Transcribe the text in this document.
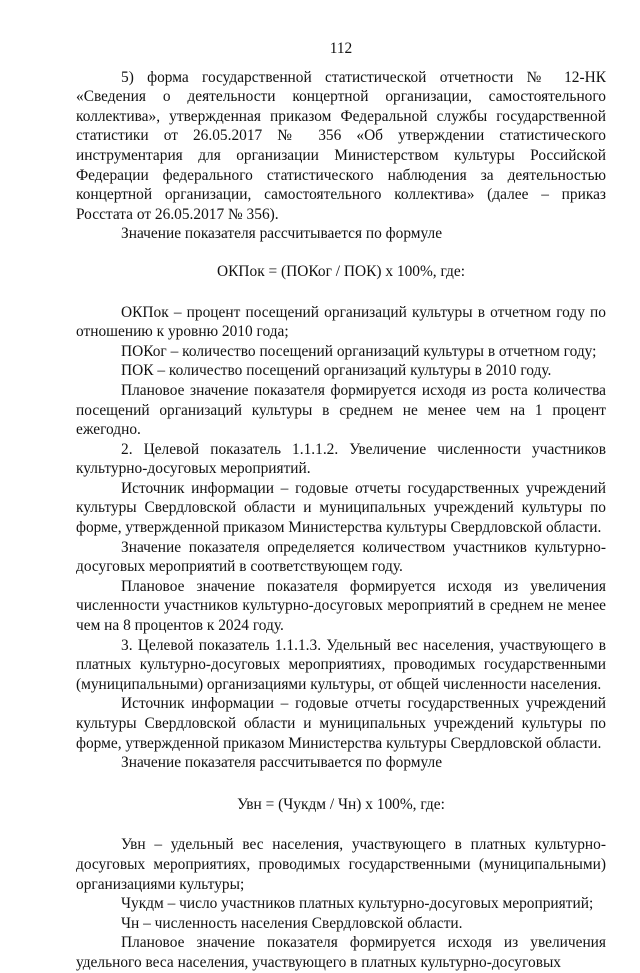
112

5) форма государственной статистической отчетности № 12-НК «Сведения о деятельности концертной организации, самостоятельного коллектива», утвержденная приказом Федеральной службы государственной статистики от 26.05.2017 № 356 «Об утверждении статистического инструментария для организации Министерством культуры Российской Федерации федерального статистического наблюдения за деятельностью концертной организации, самостоятельного коллектива» (далее – приказ Росстата от 26.05.2017 № 356).

Значение показателя рассчитывается по формуле

ОКПок = (ПОКог / ПОК) х 100%, где:

ОКПок – процент посещений организаций культуры в отчетном году по отношению к уровню 2010 года;

ПОКог – количество посещений организаций культуры в отчетном году;

ПОК – количество посещений организаций культуры в 2010 году.

Плановое значение показателя формируется исходя из роста количества посещений организаций культуры в среднем не менее чем на 1 процент ежегодно.

2. Целевой показатель 1.1.1.2. Увеличение численности участников культурно-досуговых мероприятий.

Источник информации – годовые отчеты государственных учреждений культуры Свердловской области и муниципальных учреждений культуры по форме, утвержденной приказом Министерства культуры Свердловской области.

Значение показателя определяется количеством участников культурно-досуговых мероприятий в соответствующем году.

Плановое значение показателя формируется исходя из увеличения численности участников культурно-досуговых мероприятий в среднем не менее чем на 8 процентов к 2024 году.

3. Целевой показатель 1.1.1.3. Удельный вес населения, участвующего в платных культурно-досуговых мероприятиях, проводимых государственными (муниципальными) организациями культуры, от общей численности населения.

Источник информации – годовые отчеты государственных учреждений культуры Свердловской области и муниципальных учреждений культуры по форме, утвержденной приказом Министерства культуры Свердловской области.

Значение показателя рассчитывается по формуле

Увн = (Чукдм / Чн) х 100%, где:

Увн – удельный вес населения, участвующего в платных культурно-досуговых мероприятиях, проводимых государственными (муниципальными) организациями культуры;

Чукдм – число участников платных культурно-досуговых мероприятий;

Чн – численность населения Свердловской области.

Плановое значение показателя формируется исходя из увеличения удельного веса населения, участвующего в платных культурно-досуговых
